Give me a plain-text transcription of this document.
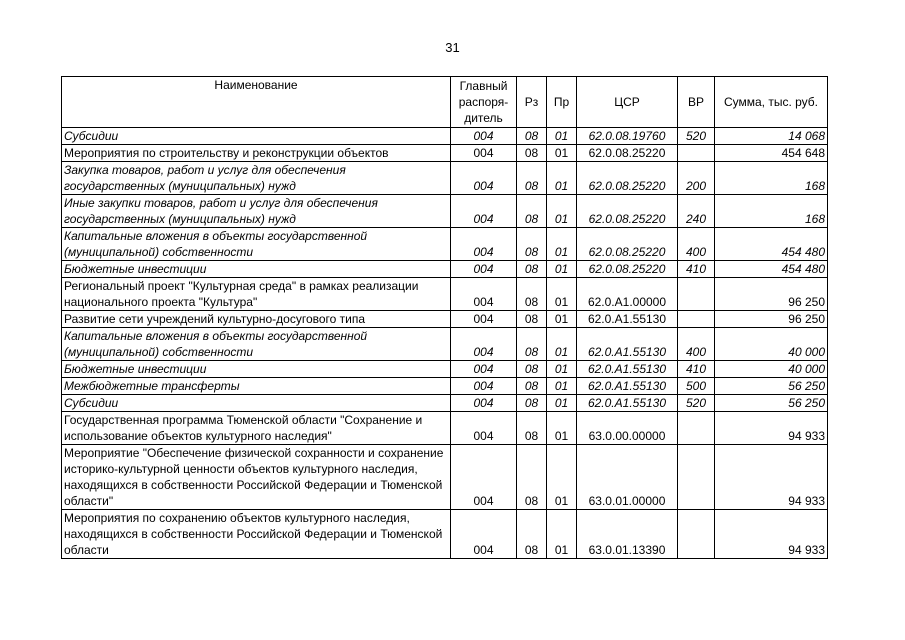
31
Наименование	Главный распоря-дитель	Рз	Пр	ЦСР	ВР	Сумма, тыс. руб.
Субсидии	004	08	01	62.0.08.19760	520	14 068
Мероприятия по строительству и реконструкции объектов	004	08	01	62.0.08.25220		454 648
Закупка товаров, работ и услуг для обеспечения государственных (муниципальных) нужд	004	08	01	62.0.08.25220	200	168
Иные закупки товаров, работ и услуг для обеспечения государственных (муниципальных) нужд	004	08	01	62.0.08.25220	240	168
Капитальные вложения в объекты государственной (муниципальной) собственности	004	08	01	62.0.08.25220	400	454 480
Бюджетные инвестиции	004	08	01	62.0.08.25220	410	454 480
Региональный проект "Культурная среда" в рамках реализации национального проекта "Культура"	004	08	01	62.0.A1.00000		96 250
Развитие сети учреждений культурно-досугового типа	004	08	01	62.0.A1.55130		96 250
Капитальные вложения в объекты государственной (муниципальной) собственности	004	08	01	62.0.A1.55130	400	40 000
Бюджетные инвестиции	004	08	01	62.0.A1.55130	410	40 000
Межбюджетные трансферты	004	08	01	62.0.A1.55130	500	56 250
Субсидии	004	08	01	62.0.A1.55130	520	56 250
Государственная программа Тюменской области "Сохранение и использование объектов культурного наследия"	004	08	01	63.0.00.00000		94 933
Мероприятие "Обеспечение физической сохранности и сохранение историко-культурной ценности объектов культурного наследия, находящихся в собственности Российской Федерации и Тюменской области"	004	08	01	63.0.01.00000		94 933
Мероприятия по сохранению объектов культурного наследия, находящихся в собственности Российской Федерации и Тюменской области	004	08	01	63.0.01.13390		94 933
